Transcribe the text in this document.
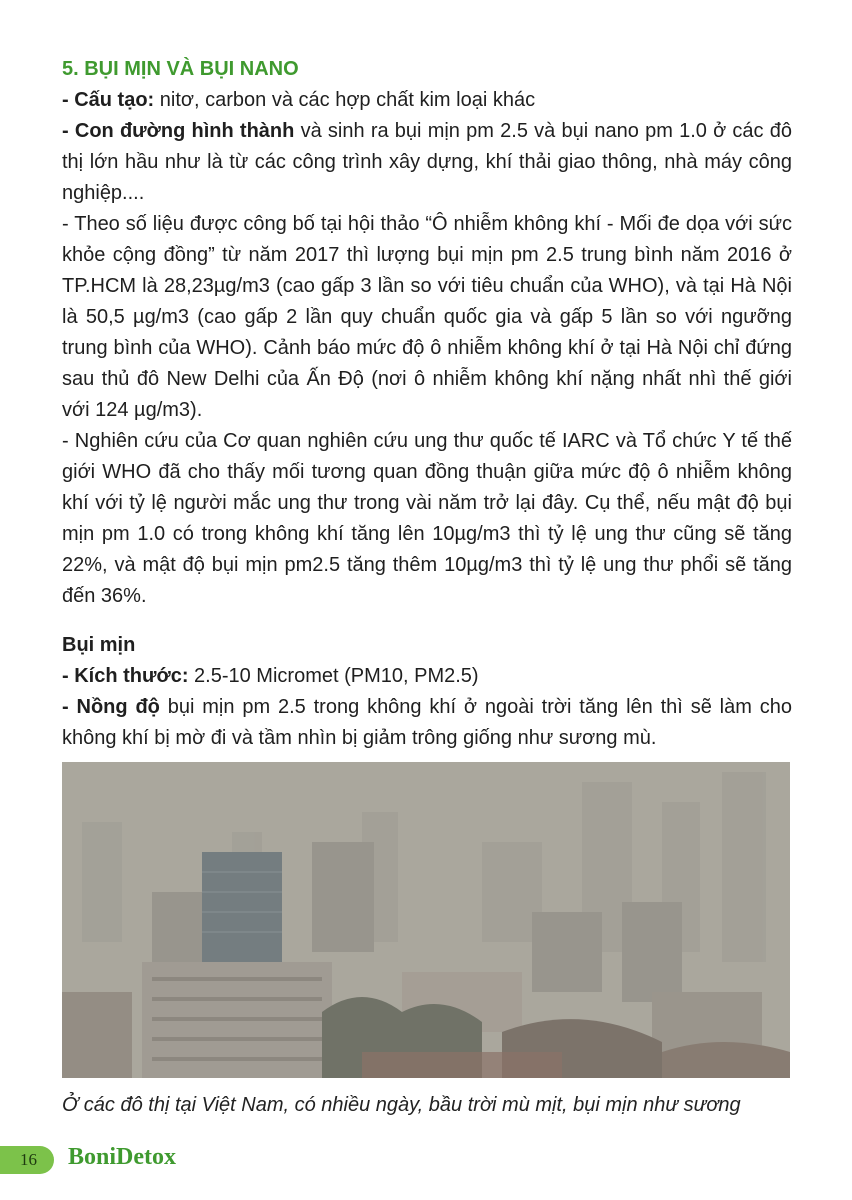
5. BỤI MỊN VÀ BỤI NANO

- Cấu tạo: nitơ, carbon và các hợp chất kim loại khác

- Con đường hình thành và sinh ra bụi mịn pm 2.5 và bụi nano pm 1.0 ở các đô thị lớn hầu như là từ các công trình xây dựng, khí thải giao thông, nhà máy công nghiệp....

- Theo số liệu được công bố tại hội thảo “Ô nhiễm không khí - Mối đe dọa với sức khỏe cộng đồng” từ năm 2017 thì lượng bụi mịn pm 2.5 trung bình năm 2016 ở TP.HCM là 28,23µg/m3 (cao gấp 3 lần so với tiêu chuẩn của WHO), và tại Hà Nội là 50,5 µg/m3 (cao gấp 2 lần quy chuẩn quốc gia và gấp 5 lần so với ngưỡng trung bình của WHO). Cảnh báo mức độ ô nhiễm không khí ở tại Hà Nội chỉ đứng sau thủ đô New Delhi của Ấn Độ (nơi ô nhiễm không khí nặng nhất nhì thế giới với 124 µg/m3).

- Nghiên cứu của Cơ quan nghiên cứu ung thư quốc tế IARC và Tổ chức Y tế thế giới WHO đã cho thấy mối tương quan đồng thuận giữa mức độ ô nhiễm không khí với tỷ lệ người mắc ung thư trong vài năm trở lại đây. Cụ thể, nếu mật độ bụi mịn pm 1.0 có trong không khí tăng lên 10µg/m3 thì tỷ lệ ung thư cũng sẽ tăng 22%, và mật độ bụi mịn pm2.5 tăng thêm 10µg/m3 thì tỷ lệ ung thư phổi sẽ tăng đến 36%.

Bụi mịn

- Kích thước: 2.5-10 Micromet (PM10, PM2.5)

- Nồng độ bụi mịn pm 2.5 trong không khí ở ngoài trời tăng lên thì sẽ làm cho không khí bị mờ đi và tầm nhìn bị giảm trông giống như sương mù.

Ở các đô thị tại Việt Nam, có nhiều ngày, bầu trời mù mịt, bụi mịn như sương
16 BoniDetox
